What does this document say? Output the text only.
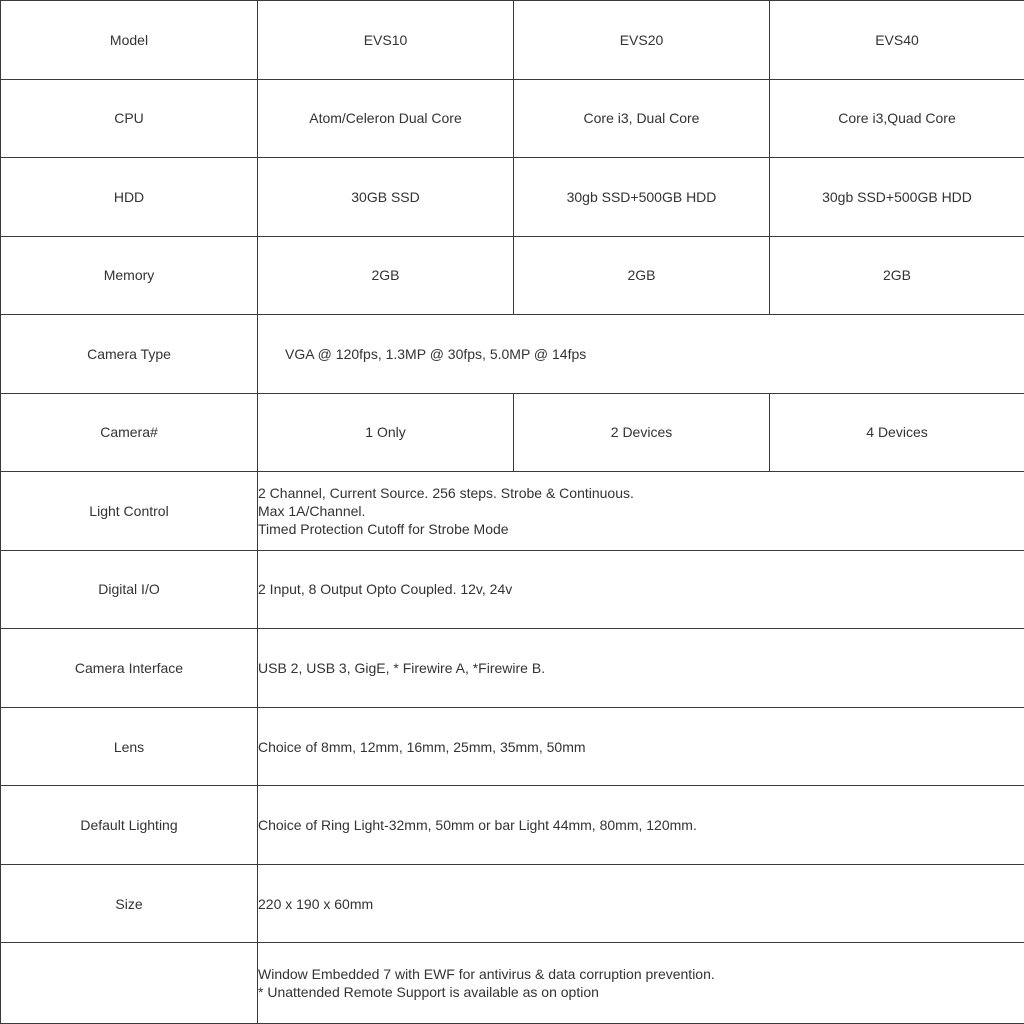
Model	EVS10	EVS20	EVS40
CPU	Atom/Celeron Dual Core	Core i3, Dual Core	Core i3,Quad Core
HDD	30GB SSD	30gb SSD+500GB HDD	30gb SSD+500GB HDD
Memory	2GB	2GB	2GB
Camera Type	VGA @ 120fps, 1.3MP @ 30fps, 5.0MP @ 14fps		
Camera#	1 Only	2 Devices	4 Devices
Light Control	2 Channel, Current Source. 256 steps. Strobe & Continuous.
Max 1A/Channel.
Timed Protection Cutoff for Strobe Mode		

Digital I/O	2 Input, 8 Output Opto Coupled. 12v, 24v		
Camera Interface	USB 2, USB 3, GigE, * Firewire A, *Firewire B.		
Lens	Choice of 8mm, 12mm, 16mm, 25mm, 35mm, 50mm		
Default Lighting	Choice of Ring Light-32mm, 50mm or bar Light 44mm, 80mm, 120mm.		
Size	220 x 190 x 60mm		

	Window Embedded 7 with EWF for antivirus & data corruption prevention.
* Unattended Remote Support is available as on option		
